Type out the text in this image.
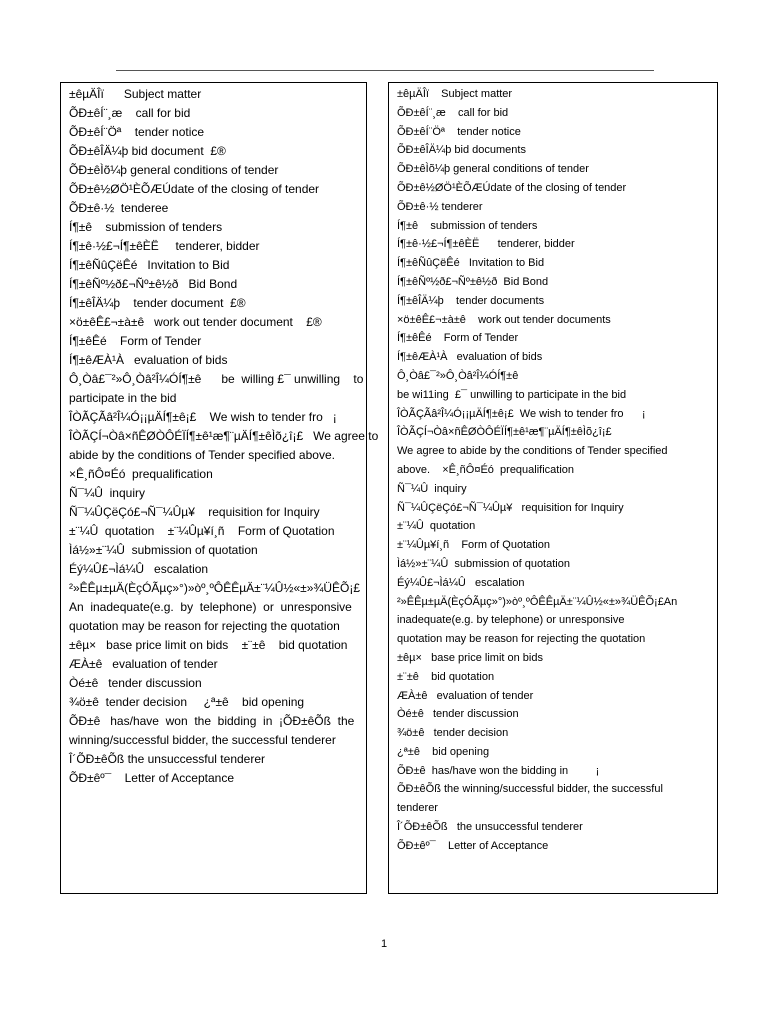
±êµÄÎï      Subject matter
ÕÐ±êÍ¨¸æ    call for bid
ÕÐ±êÍ¨Öª    tender notice
ÕÐ±êÎÄ¼þ bid document  £®
ÕÐ±êÌõ¼þ general conditions of tender
ÕÐ±ê½ØÖ¹ÈÕÆÚdate of the closing of tender
ÕÐ±ê·½  tenderee
Í¶±ê    submission of tenders
Í¶±ê·½£¬Í¶±êÈË     tenderer, bidder
Í¶±êÑûÇëÊé   Invitation to Bid
Í¶±êÑº½ð£¬Ñº±ê½ð   Bid Bond
Í¶±êÎÄ¼þ    tender document  £®
×ö±êÊ£¬±à±ê   work out tender document    £®
Í¶±êÊé    Form of Tender
Í¶±êÆÀ¹À   evaluation of bids
Ô¸Òâ£¯²»Ô¸Òâ²Î¼ÓÍ¶±ê      be  willing £¯ unwilling    to
participate in the bid
ÎÒÃÇÃâ²Î¼Ó¡¡µÄÍ¶±ê¡£    We wish to tender fro   ¡
ÎÒÃÇÍ¬Òâ×ñÊØÒÔÉÏÍ¶±ê¹æ¶¨µÄÍ¶±êÌõ¿î¡£   We agree to
abide by the conditions of Tender specified above.
×Ê¸ñÔ¤Éó  prequalification
Ñ¯¼Û  inquiry
Ñ¯¼ÛÇëÇó£¬Ñ¯¼Ûµ¥    requisition for Inquiry
±¨¼Û  quotation    ±¨¼Ûµ¥í¸ñ    Form of Quotation
Ìá½»±¨¼Û  submission of quotation
Éý¼Û£¬Ìá¼Û   escalation
²»ÊÊµ±µÄ(ÈçÓÃµç»°)»òº¸ºÔÊÊµÄ±¨¼Û½«±»¾ÜÊÕ¡£
An  inadequate(e.g.  by  telephone)  or  unresponsive
quotation may be reason for rejecting the quotation
±êµ×   base price limit on bids    ±¨±ê    bid quotation
ÆÀ±ê   evaluation of tender
Òé±ê   tender discussion
¾ö±ê  tender decision     ¿ª±ê    bid opening
ÕÐ±ê   has/have  won  the  bidding  in  ¡ÕÐ±êÕß  the
winning/successful bidder, the successful tenderer
Î´ÕÐ±êÕß the unsuccessful tenderer
ÕÐ±êº¯    Letter of Acceptance
±êµÄÎï    Subject matter
ÕÐ±êÍ¨¸æ    call for bid
ÕÐ±êÍ¨Öª    tender notice
ÕÐ±êÎÄ¼þ bid documents
ÕÐ±êÌõ¼þ general conditions of tender
ÕÐ±ê½ØÖ¹ÈÕÆÚdate of the closing of tender
ÕÐ±ê·½ tenderer
Í¶±ê    submission of tenders
Í¶±ê·½£¬Í¶±êÈË      tenderer, bidder
Í¶±êÑûÇëÊé   Invitation to Bid
Í¶±êÑº½ð£¬Ñº±ê½ð  Bid Bond
Í¶±êÎÄ¼þ    tender documents
×ö±êÊ£¬±à±ê    work out tender documents
Í¶±êÊé    Form of Tender
Í¶±êÆÀ¹À   evaluation of bids
Ô¸Òâ£¯²»Ô¸Òâ²Î¼ÓÍ¶±ê
be wi11ing  £¯ unwilling to participate in the bid
ÎÒÃÇÃâ²Î¼Ó¡¡µÄÍ¶±ê¡£  We wish to tender fro      ¡
ÎÒÃÇÍ¬Òâ×ñÊØÒÔÉÏÍ¶±ê¹æ¶¨µÄÍ¶±êÌõ¿î¡£
We agree to abide by the conditions of Tender specified
above.    ×Ê¸ñÔ¤Éó  prequalification
Ñ¯¼Û  inquiry
Ñ¯¼ÛÇëÇó£¬Ñ¯¼Ûµ¥   requisition for Inquiry
±¨¼Û  quotation
±¨¼Ûµ¥í¸ñ    Form of Quotation
Ìá½»±¨¼Û  submission of quotation
Éý¼Û£¬Ìá¼Û   escalation
²»ÊÊµ±µÄ(ÈçÓÃµç»°)»òº¸ºÔÊÊµÄ±¨¼Û½«±»¾ÜÊÕ¡£An
inadequate(e.g. by telephone) or unresponsive
quotation may be reason for rejecting the quotation
±êµ×   base price limit on bids
±¨±ê    bid quotation
ÆÀ±ê   evaluation of tender
Òé±ê   tender discussion
¾ö±ê   tender decision
¿ª±ê    bid opening
ÕÐ±ê  has/have won the bidding in         ¡
ÕÐ±êÕß the winning/successful bidder, the successful
tenderer
Î´ÕÐ±êÕß   the unsuccessful tenderer
ÕÐ±êº¯    Letter of Acceptance
1
